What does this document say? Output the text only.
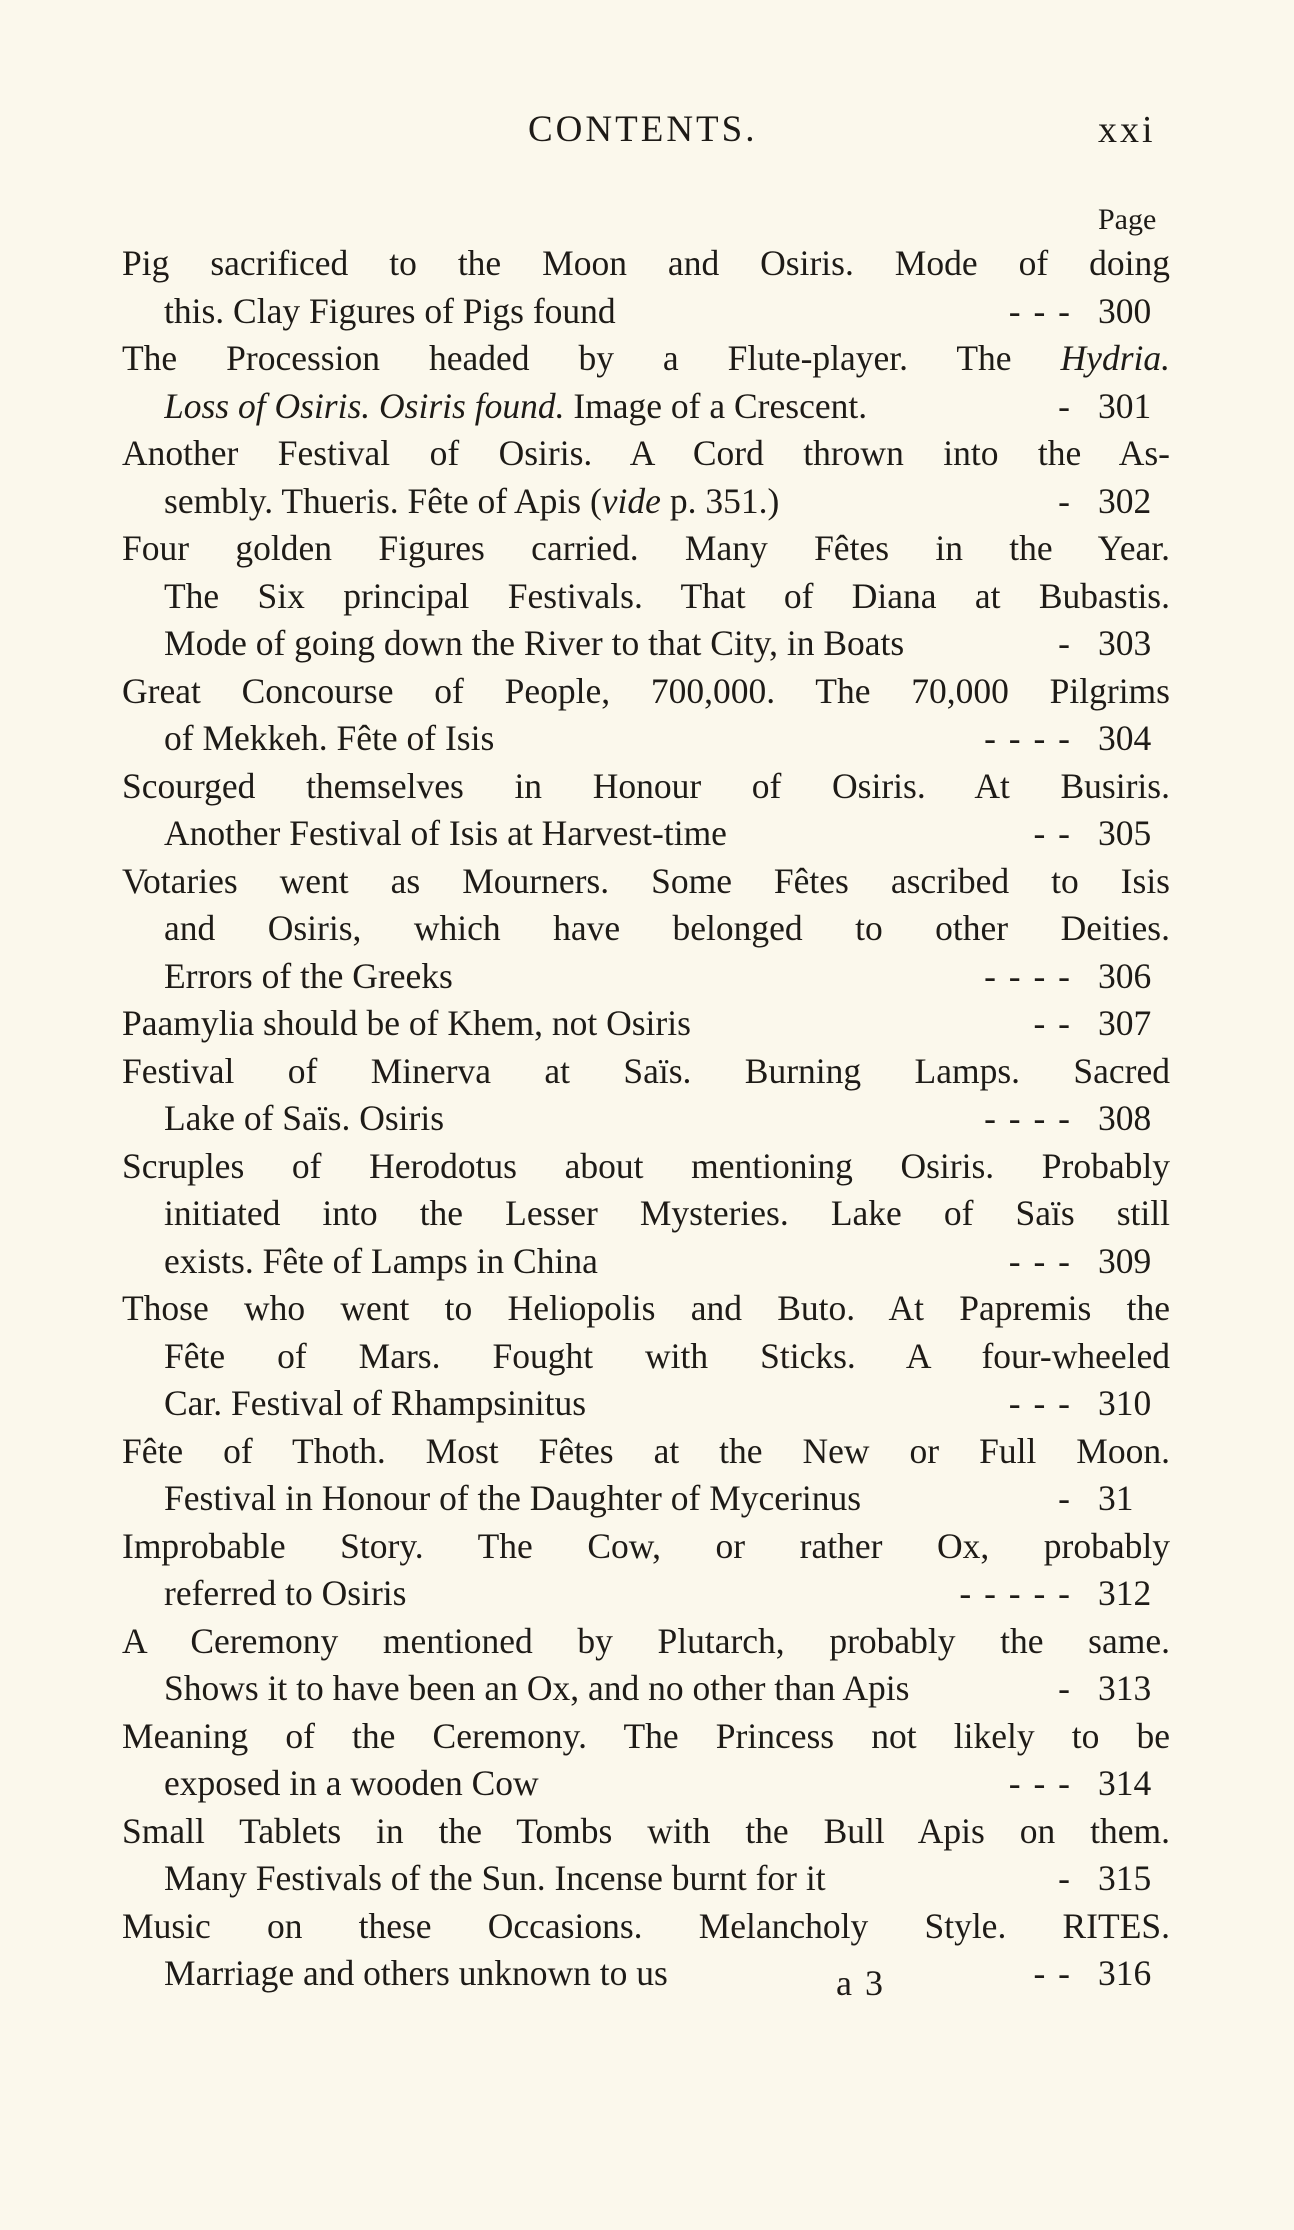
CONTENTS.	xxi
Page
Pig sacrificed to the Moon and Osiris. Mode of doing
this. Clay Figures of Pigs found	- - - 300
The Procession headed by a Flute-player. The Hydria.
Loss of Osiris. Osiris found. Image of a Crescent.	- 301
Another Festival of Osiris. A Cord thrown into the As-
sembly. Thueris. Fête of Apis (vide p. 351.)	- 302
Four golden Figures carried. Many Fêtes in the Year.
The Six principal Festivals. That of Diana at Bubastis.
Mode of going down the River to that City, in Boats	- 303
Great Concourse of People, 700,000. The 70,000 Pilgrims
of Mekkeh. Fête of Isis	- - - - 304
Scourged themselves in Honour of Osiris. At Busiris.
Another Festival of Isis at Harvest-time	- - 305
Votaries went as Mourners. Some Fêtes ascribed to Isis
and Osiris, which have belonged to other Deities.
Errors of the Greeks	- - - - 306
Paamylia should be of Khem, not Osiris	- - 307
Festival of Minerva at Saïs. Burning Lamps. Sacred
Lake of Saïs. Osiris	- - - - 308
Scruples of Herodotus about mentioning Osiris. Probably
initiated into the Lesser Mysteries. Lake of Saïs still
exists. Fête of Lamps in China	- - - 309
Those who went to Heliopolis and Buto. At Papremis the
Fête of Mars. Fought with Sticks. A four-wheeled
Car. Festival of Rhampsinitus	- - - 310
Fête of Thoth. Most Fêtes at the New or Full Moon.
Festival in Honour of the Daughter of Mycerinus	- 31
Improbable Story. The Cow, or rather Ox, probably
referred to Osiris	- - - - - 312
A Ceremony mentioned by Plutarch, probably the same.
Shows it to have been an Ox, and no other than Apis	- 313
Meaning of the Ceremony. The Princess not likely to be
exposed in a wooden Cow	- - - 314
Small Tablets in the Tombs with the Bull Apis on them.
Many Festivals of the Sun. Incense burnt for it	- 315
Music on these Occasions. Melancholy Style. RITES.
Marriage and others unknown to us	- - 316
a 3
